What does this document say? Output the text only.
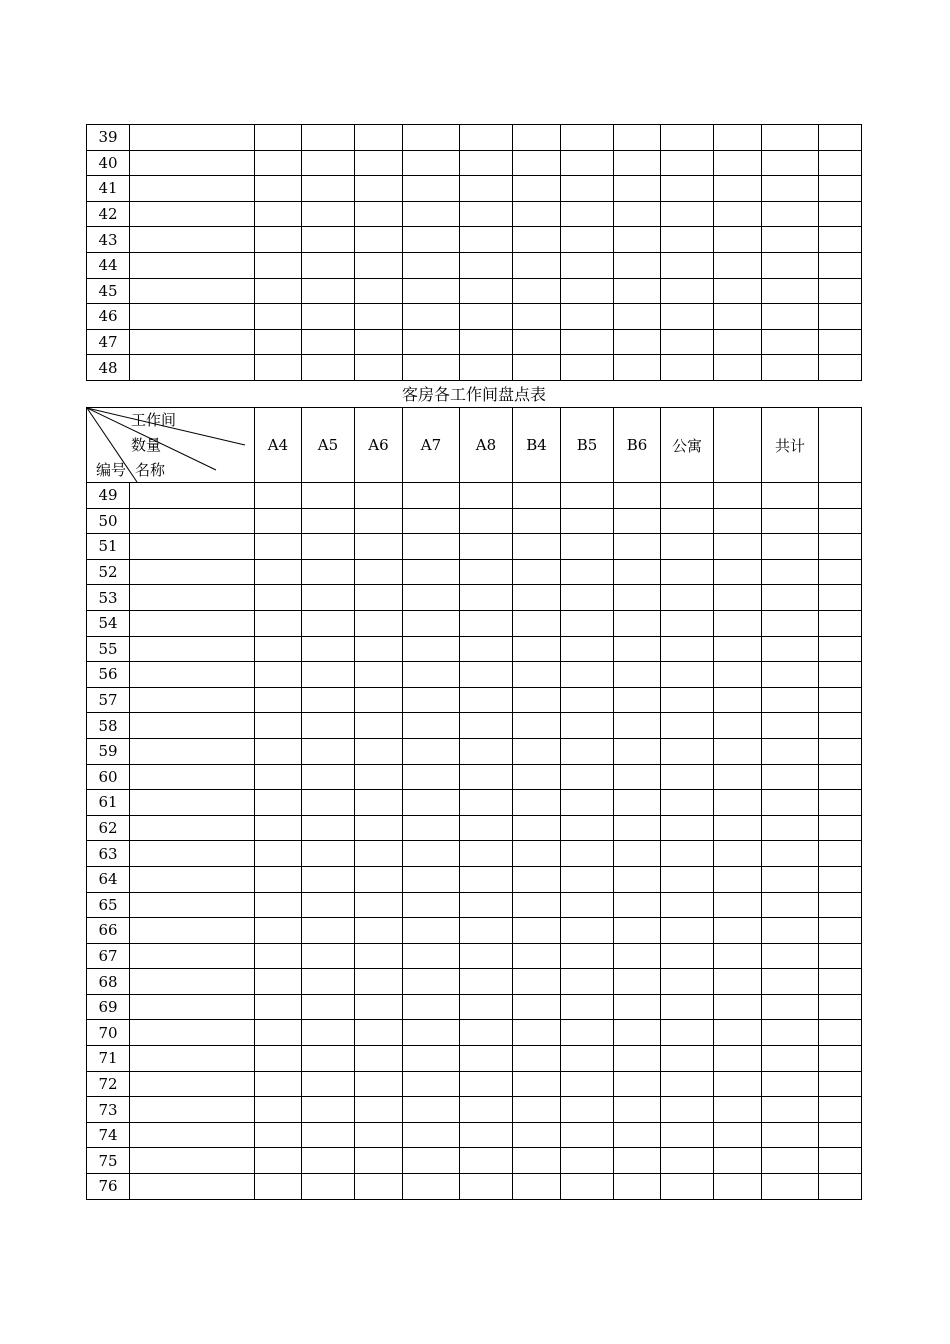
39													
40													
41													
42													
43													
44													
45													
46													
47													
48													
客房各工作间盘点表
工作间
数量
编号 名称		A4	A5	A6	A7	A8	B4	B5	B6	公寓		共计	
49													
50													
51													
52													
53													
54													
55													
56													
57													
58													
59													
60													
61													
62													
63													
64													
65													
66													
67													
68													
69													
70													
71													
72													
73													
74													
75													
76													
